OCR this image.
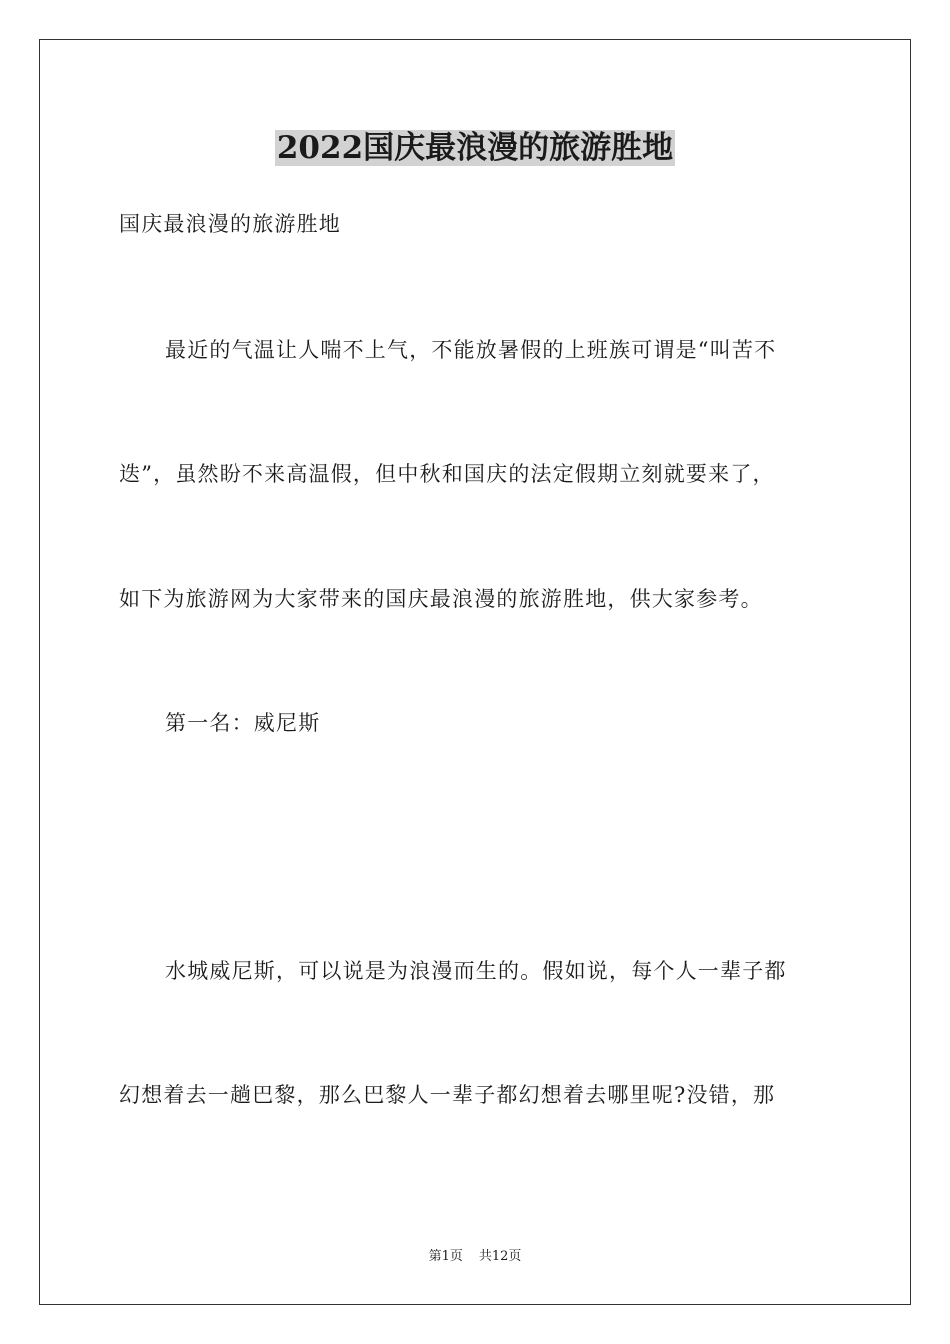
2022国庆最浪漫的旅游胜地
国庆最浪漫的旅游胜地
最近的气温让人喘不上气，不能放暑假的上班族可谓是“叫苦不
迭”，虽然盼不来高温假，但中秋和国庆的法定假期立刻就要来了，
如下为旅游网为大家带来的国庆最浪漫的旅游胜地，供大家参考。
第一名：威尼斯
水城威尼斯，可以说是为浪漫而生的。假如说，每个人一辈子都
幻想着去一趟巴黎，那么巴黎人一辈子都幻想着去哪里呢?没错，那
第1页 共12页
